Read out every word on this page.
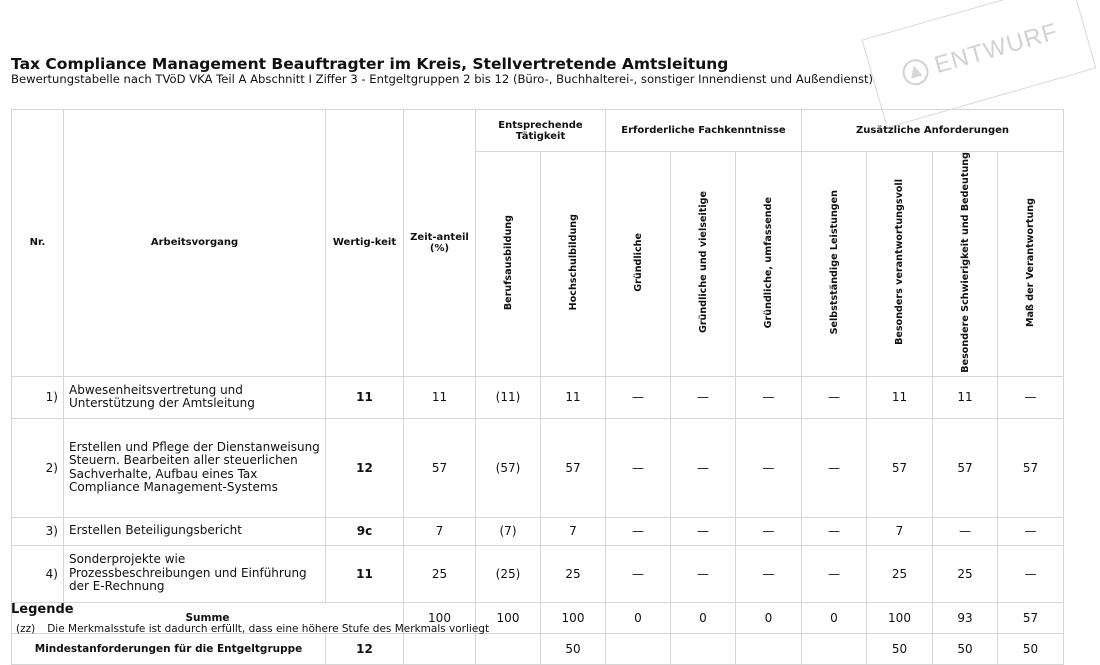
ENTWURF
Tax Compliance Management Beauftragter im Kreis, Stellvertretende Amtsleitung
Bewertungstabelle nach TVöD VKA Teil A Abschnitt I Ziffer 3 - Entgeltgruppen 2 bis 12 (Büro-, Buchhalterei-, sonstiger Innendienst und Außendienst)
Nr.	Arbeitsvorgang	Wertig-keit	Zeit-anteil (%)	Entsprechende Tätigkeit		Erforderliche Fachkenntnisse			Zusätzliche Anforderungen			
				Berufsausbildung	Hochschulbildung	Gründliche	Gründliche und vielseitige	Gründliche, umfassende	Selbstständige Leistungen	Besonders verantwortungsvoll	Besondere Schwierigkeit und Bedeutung	Maß der Verantwortung
1)	Abwesenheitsvertretung und Unterstützung der Amtsleitung	11	11	(11)	11	—	—	—	—	11	11	—
2)	Erstellen und Pflege der Dienstanweisung Steuern. Bearbeiten aller steuerlichen Sachverhalte, Aufbau eines Tax Compliance Management-Systems	12	57	(57)	57	—	—	—	—	57	57	57
3)	Erstellen Beteiligungsbericht	9c	7	(7)	7	—	—	—	—	7	—	—
4)	Sonderprojekte wie Prozessbeschreibungen und Einführung der E-Rechnung	11	25	(25)	25	—	—	—	—	25	25	—
Summe			100	100	100	0	0	0	0	100	93	57
Mindestanforderungen für die Entgeltgruppe		12			50					50	50	50
Legende
(zz) Die Merkmalsstufe ist dadurch erfüllt, dass eine höhere Stufe des Merkmals vorliegt
